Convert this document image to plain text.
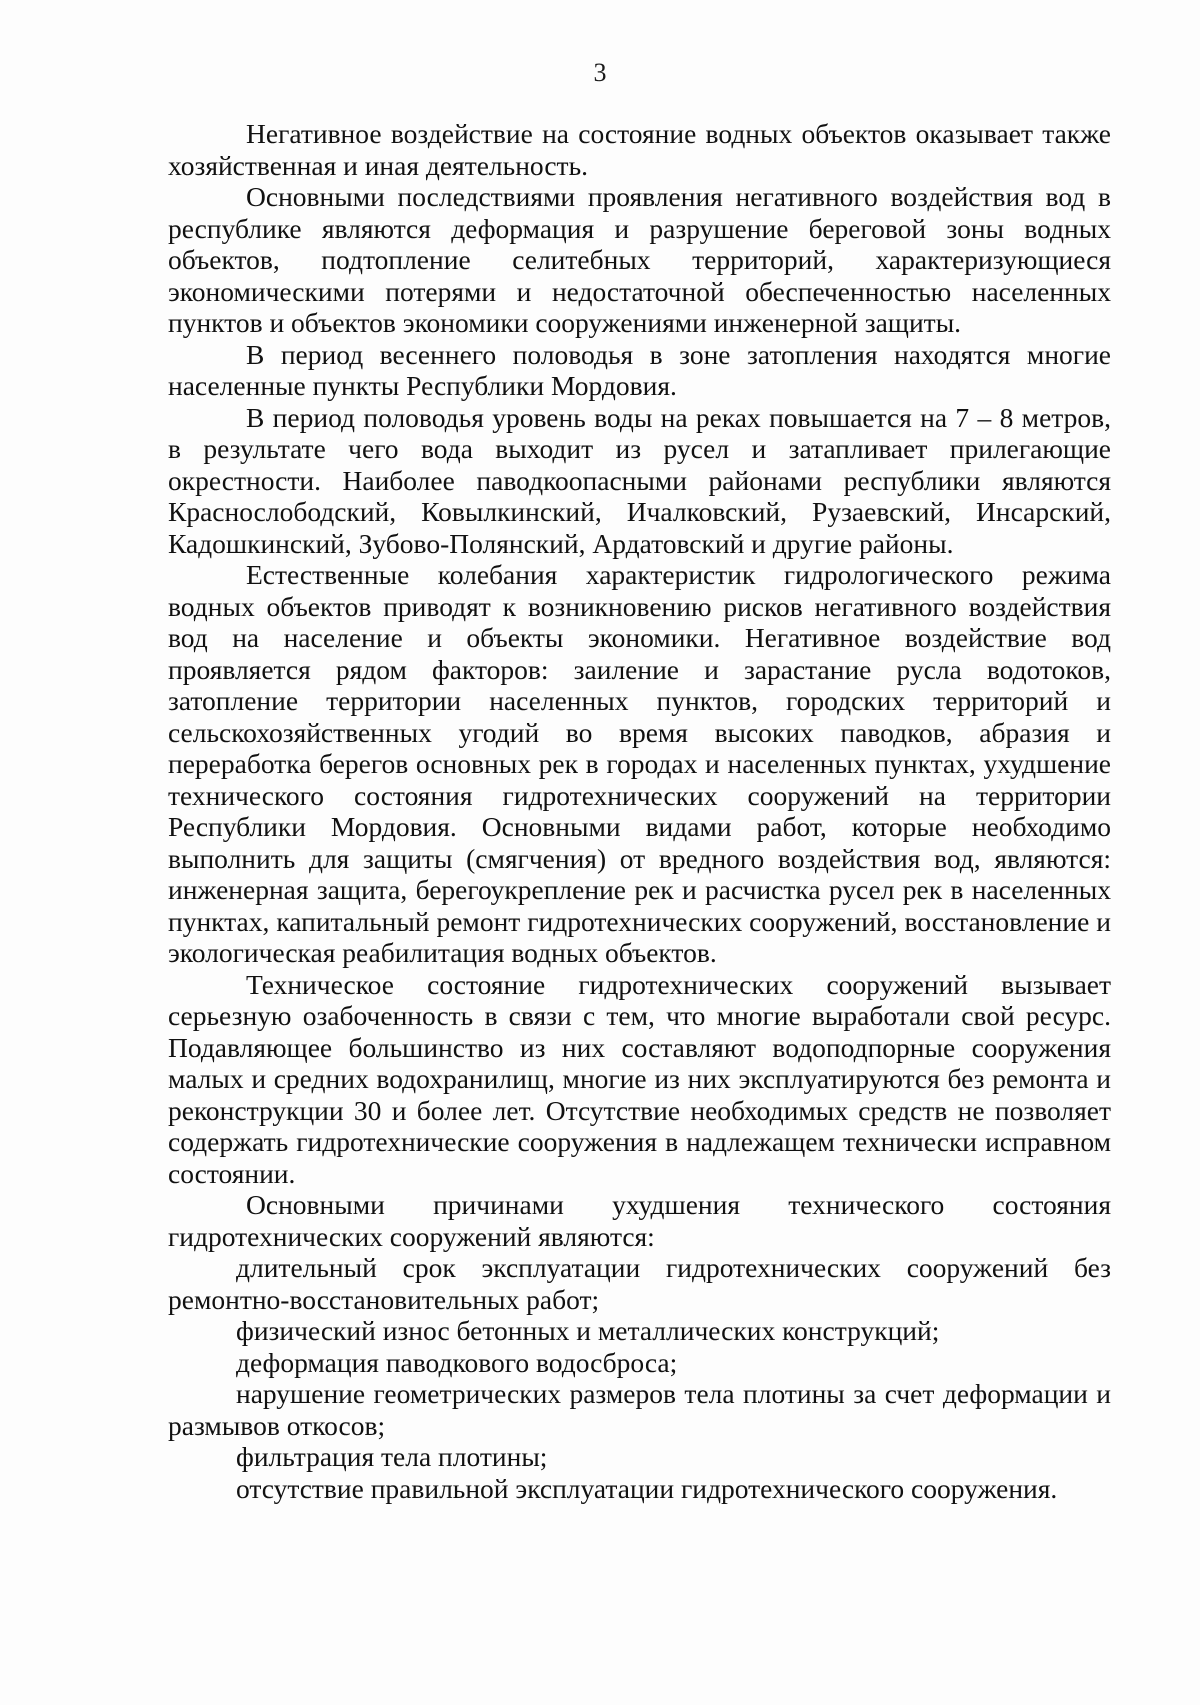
3

Негативное воздействие на состояние водных объектов оказывает также хозяйственная и иная деятельность.

Основными последствиями проявления негативного воздействия вод в республике являются деформация и разрушение береговой зоны водных объектов, подтопление селитебных территорий, характеризующиеся экономическими потерями и недостаточной обеспеченностью населенных пунктов и объектов экономики сооружениями инженерной защиты.

В период весеннего половодья в зоне затопления находятся многие населенные пункты Республики Мордовия.

В период половодья уровень воды на реках повышается на 7 – 8 метров, в результате чего вода выходит из русел и затапливает прилегающие окрестности. Наиболее паводкоопасными районами республики являются Краснослободский, Ковылкинский, Ичалковский, Рузаевский, Инсарский, Кадошкинский, Зубово-Полянский, Ардатовский и другие районы.

Естественные колебания характеристик гидрологического режима водных объектов приводят к возникновению рисков негативного воздействия вод на население и объекты экономики. Негативное воздействие вод проявляется рядом факторов: заиление и зарастание русла водотоков, затопление территории населенных пунктов, городских территорий и сельскохозяйственных угодий во время высоких паводков, абразия и переработка берегов основных рек в городах и населенных пунктах, ухудшение технического состояния гидротехнических сооружений на территории Республики Мордовия. Основными видами работ, которые необходимо выполнить для защиты (смягчения) от вредного воздействия вод, являются: инженерная защита, берегоукрепление рек и расчистка русел рек в населенных пунктах, капитальный ремонт гидротехнических сооружений, восстановление и экологическая реабилитация водных объектов.

Техническое состояние гидротехнических сооружений вызывает серьезную озабоченность в связи с тем, что многие выработали свой ресурс. Подавляющее большинство из них составляют водоподпорные сооружения малых и средних водохранилищ, многие из них эксплуатируются без ремонта и реконструкции 30 и более лет. Отсутствие необходимых средств не позволяет содержать гидротехнические сооружения в надлежащем технически исправном состоянии.

Основными причинами ухудшения технического состояния гидротехнических сооружений являются:

длительный срок эксплуатации гидротехнических сооружений без ремонтно-восстановительных работ;

физический износ бетонных и металлических конструкций;

деформация паводкового водосброса;

нарушение геометрических размеров тела плотины за счет деформации и размывов откосов;

фильтрация тела плотины;

отсутствие правильной эксплуатации гидротехнического сооружения.
